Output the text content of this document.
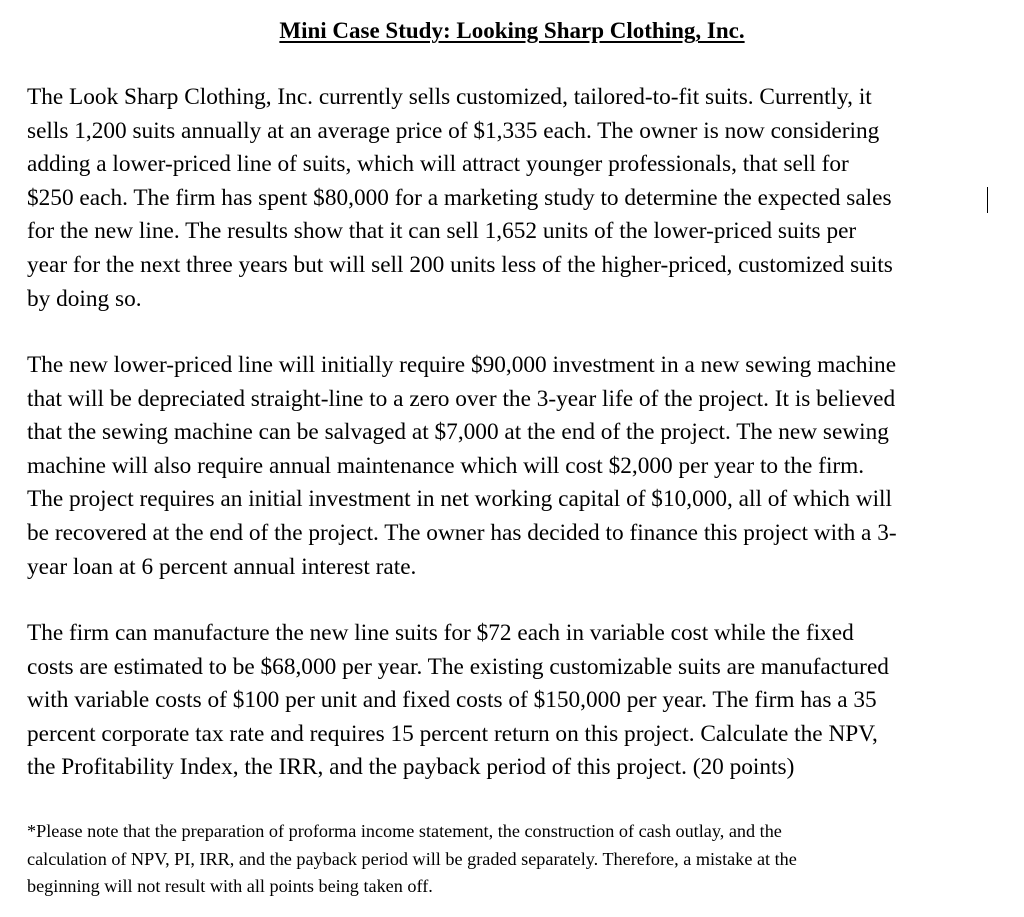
Mini Case Study: Looking Sharp Clothing, Inc.

The Look Sharp Clothing, Inc. currently sells customized, tailored-to-fit suits. Currently, it
sells 1,200 suits annually at an average price of $1,335 each. The owner is now considering
adding a lower-priced line of suits, which will attract younger professionals, that sell for
$250 each. The firm has spent $80,000 for a marketing study to determine the expected sales
for the new line. The results show that it can sell 1,652 units of the lower-priced suits per
year for the next three years but will sell 200 units less of the higher-priced, customized suits
by doing so.

The new lower-priced line will initially require $90,000 investment in a new sewing machine
that will be depreciated straight-line to a zero over the 3-year life of the project. It is believed
that the sewing machine can be salvaged at $7,000 at the end of the project. The new sewing
machine will also require annual maintenance which will cost $2,000 per year to the firm.
The project requires an initial investment in net working capital of $10,000, all of which will
be recovered at the end of the project. The owner has decided to finance this project with a 3-
year loan at 6 percent annual interest rate.

The firm can manufacture the new line suits for $72 each in variable cost while the fixed
costs are estimated to be $68,000 per year. The existing customizable suits are manufactured
with variable costs of $100 per unit and fixed costs of $150,000 per year. The firm has a 35
percent corporate tax rate and requires 15 percent return on this project. Calculate the NPV,
the Profitability Index, the IRR, and the payback period of this project. (20 points)

*Please note that the preparation of proforma income statement, the construction of cash outlay, and the
calculation of NPV, PI, IRR, and the payback period will be graded separately. Therefore, a mistake at the
beginning will not result with all points being taken off.
